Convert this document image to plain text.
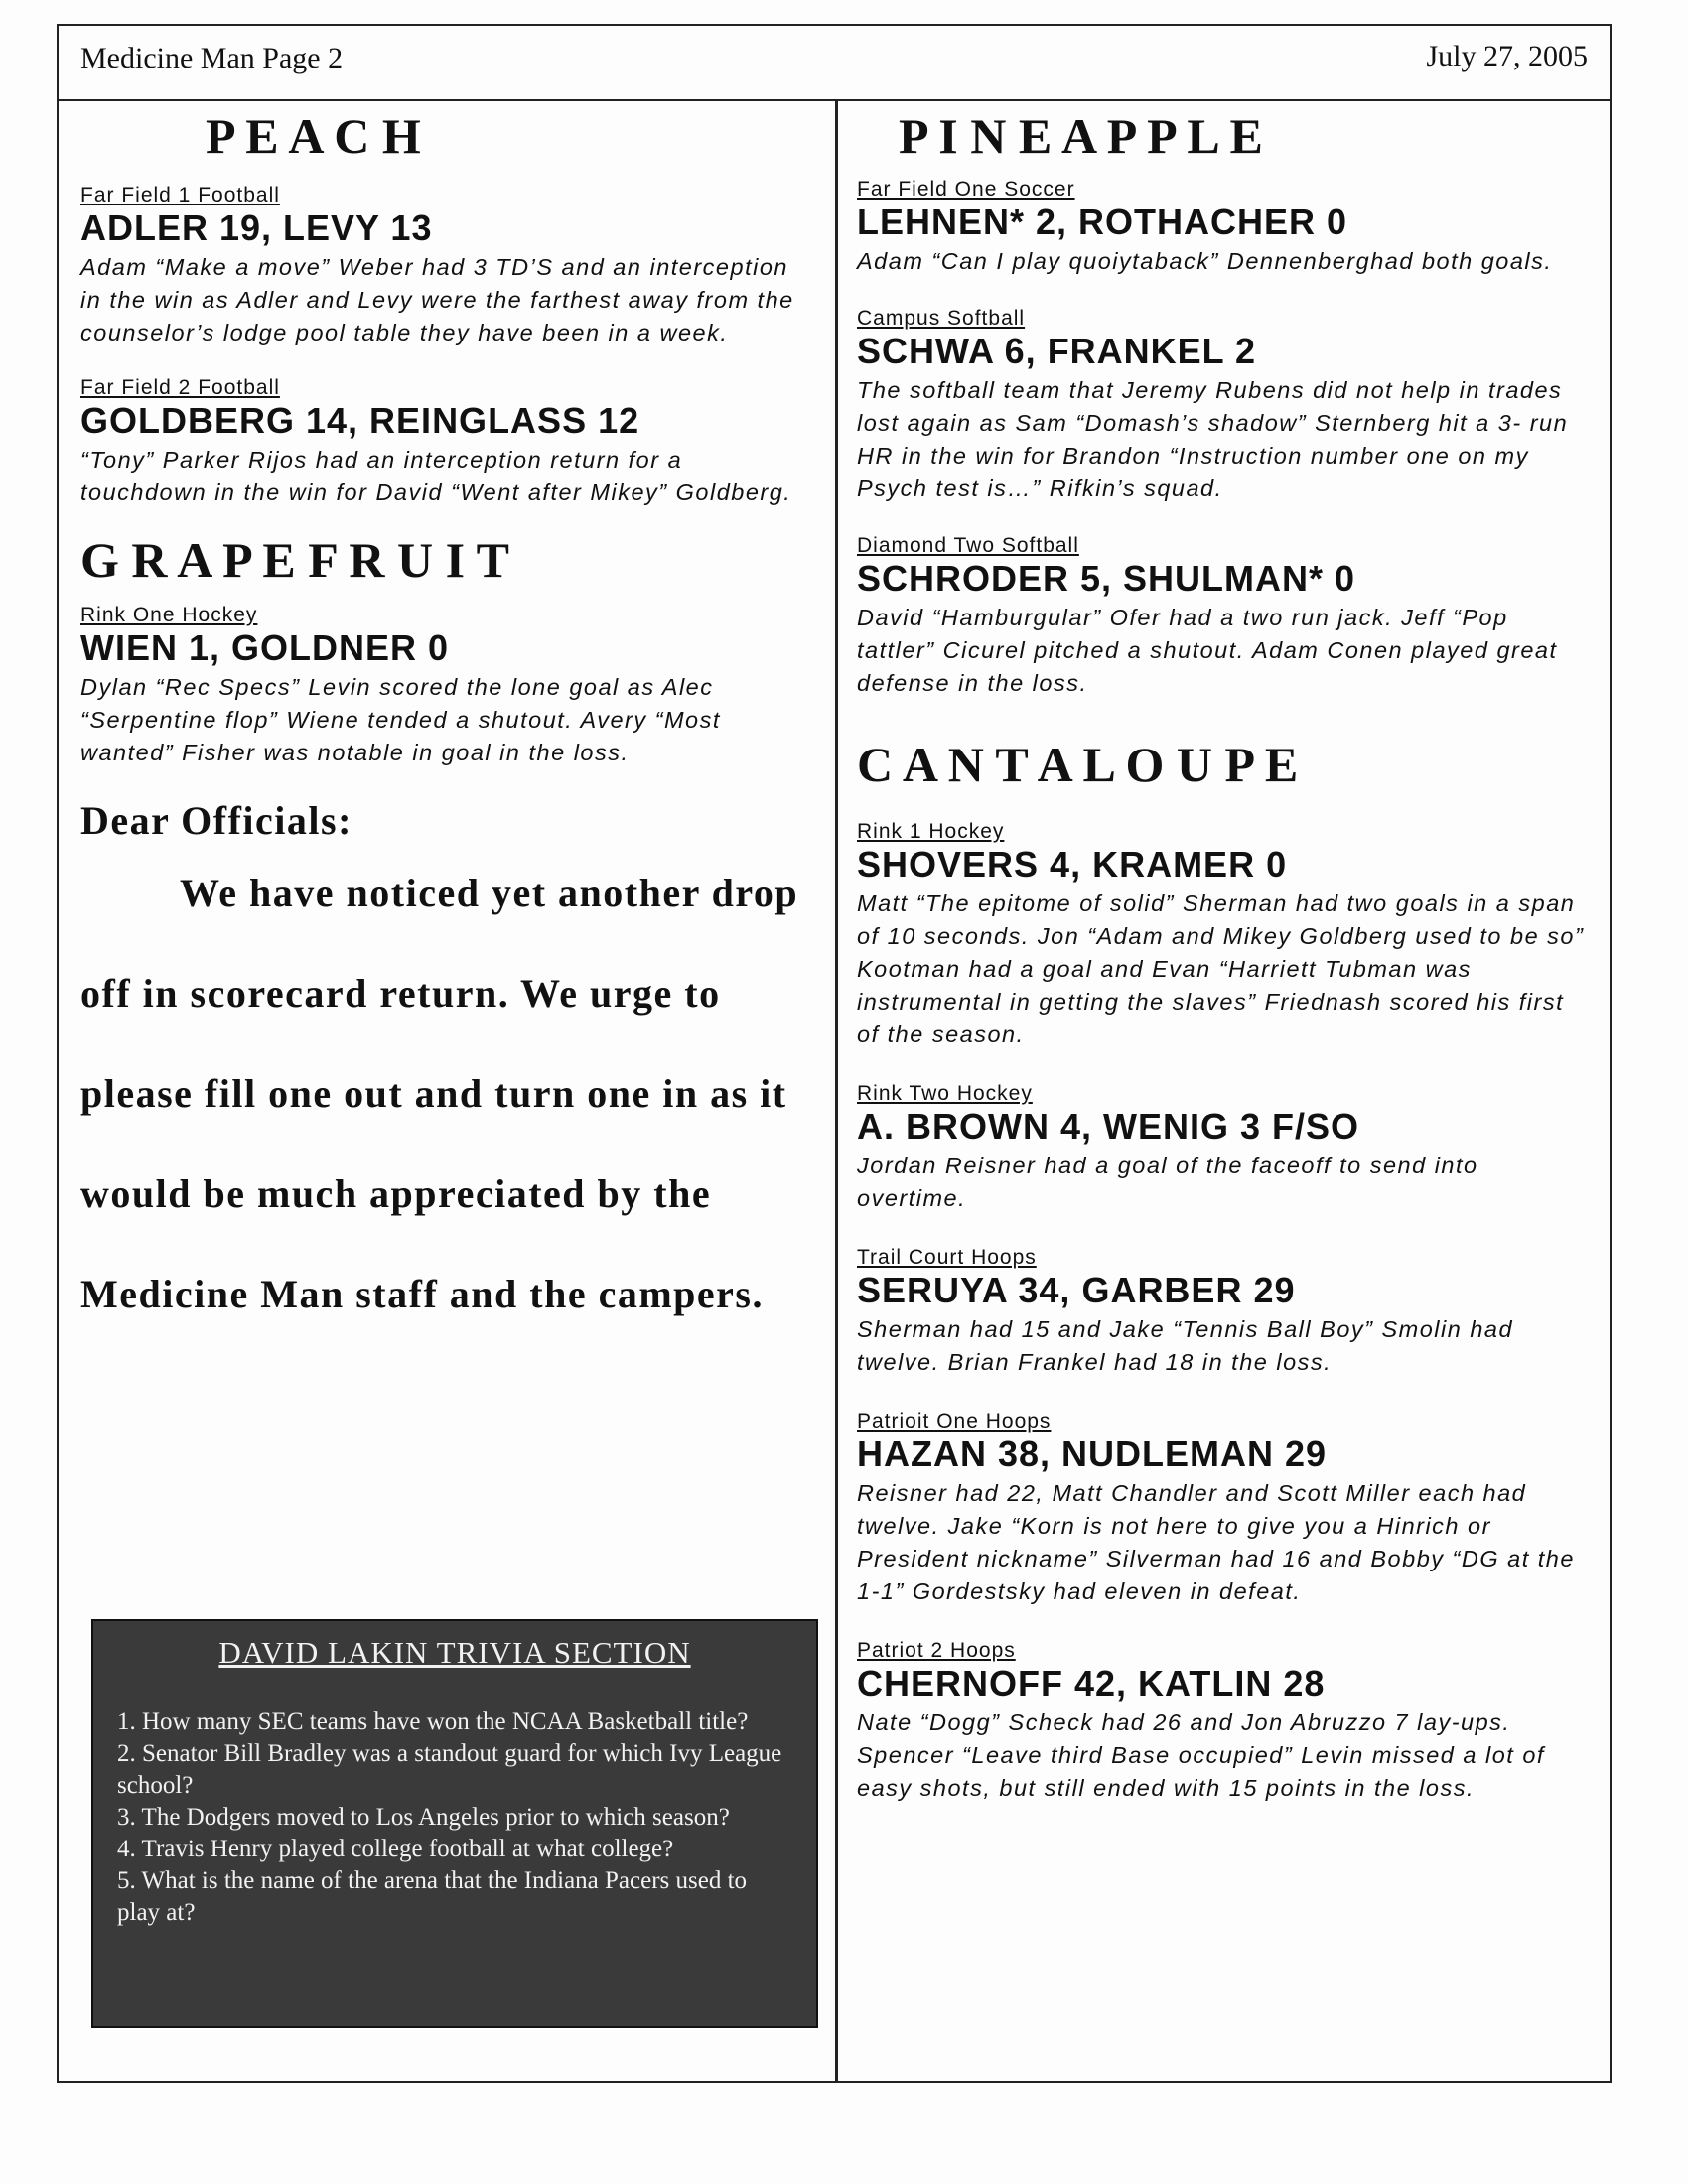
Medicine Man Page 2	July 27, 2005
P E A C H

Far Field 1 Football

ADLER 19, LEVY 13

Adam “Make a move” Weber had 3 TD’S and an interception in the win as Adler and Levy were the farthest away from the counselor’s lodge pool table they have been in a week.

Far Field 2 Football

GOLDBERG 14, REINGLASS 12

“Tony” Parker Rijos had an interception return for a touchdown in the win for David “Went after Mikey” Goldberg.

G R A P E F R U I T

Rink One Hockey

WIEN 1, GOLDNER 0

Dylan “Rec Specs” Levin scored the lone goal as Alec “Serpentine flop” Wiene tended a shutout. Avery “Most wanted” Fisher was notable in goal in the loss.

Dear Officials:

We have noticed yet another drop off in scorecard return. We urge to please fill one out and turn one in as it would be much appreciated by the Medicine Man staff and the campers.

P I N E A P P L E

Far Field One Soccer

LEHNEN* 2, ROTHACHER 0

Adam “Can I play quoiytaback” Dennenberghad both goals.

Campus Softball

SCHWA 6, FRANKEL 2

The softball team that Jeremy Rubens did not help in trades lost again as Sam “Domash’s shadow” Sternberg hit a 3- run HR in the win for Brandon “Instruction number one on my Psych test is…” Rifkin’s squad.

Diamond Two Softball

SCHRODER 5, SHULMAN* 0

David “Hamburgular” Ofer had a two run jack. Jeff “Pop tattler” Cicurel pitched a shutout. Adam Conen played great defense in the loss.

C A N T A L O U P E

Rink 1 Hockey

SHOVERS 4, KRAMER 0

Matt “The epitome of solid” Sherman had two goals in a span of 10 seconds. Jon “Adam and Mikey Goldberg used to be so” Kootman had a goal and Evan “Harriett Tubman was instrumental in getting the slaves” Friednash scored his first of the season.

Rink Two Hockey

A. BROWN 4, WENIG 3 F/SO

Jordan Reisner had a goal of the faceoff to send into overtime.

Trail Court Hoops

SERUYA 34, GARBER 29

Sherman had 15 and Jake “Tennis Ball Boy” Smolin had twelve. Brian Frankel had 18 in the loss.

Patrioit One Hoops

HAZAN 38, NUDLEMAN 29

Reisner had 22, Matt Chandler and Scott Miller each had twelve. Jake “Korn is not here to give you a Hinrich or President nickname” Silverman had 16 and Bobby “DG at the 1-1” Gordestsky had eleven in defeat.

Patriot 2 Hoops

CHERNOFF 42, KATLIN 28

Nate “Dogg” Scheck had 26 and Jon Abruzzo 7 lay-ups. Spencer “Leave third Base occupied” Levin missed a lot of easy shots, but still ended with 15 points in the loss.

DAVID LAKIN TRIVIA SECTION

1. How many SEC teams have won the NCAA Basketball title?

2. Senator Bill Bradley was a standout guard for which Ivy League school?

3. The Dodgers moved to Los Angeles prior to which season?

4. Travis Henry played college football at what college?

5. What is the name of the arena that the Indiana Pacers used to play at?
